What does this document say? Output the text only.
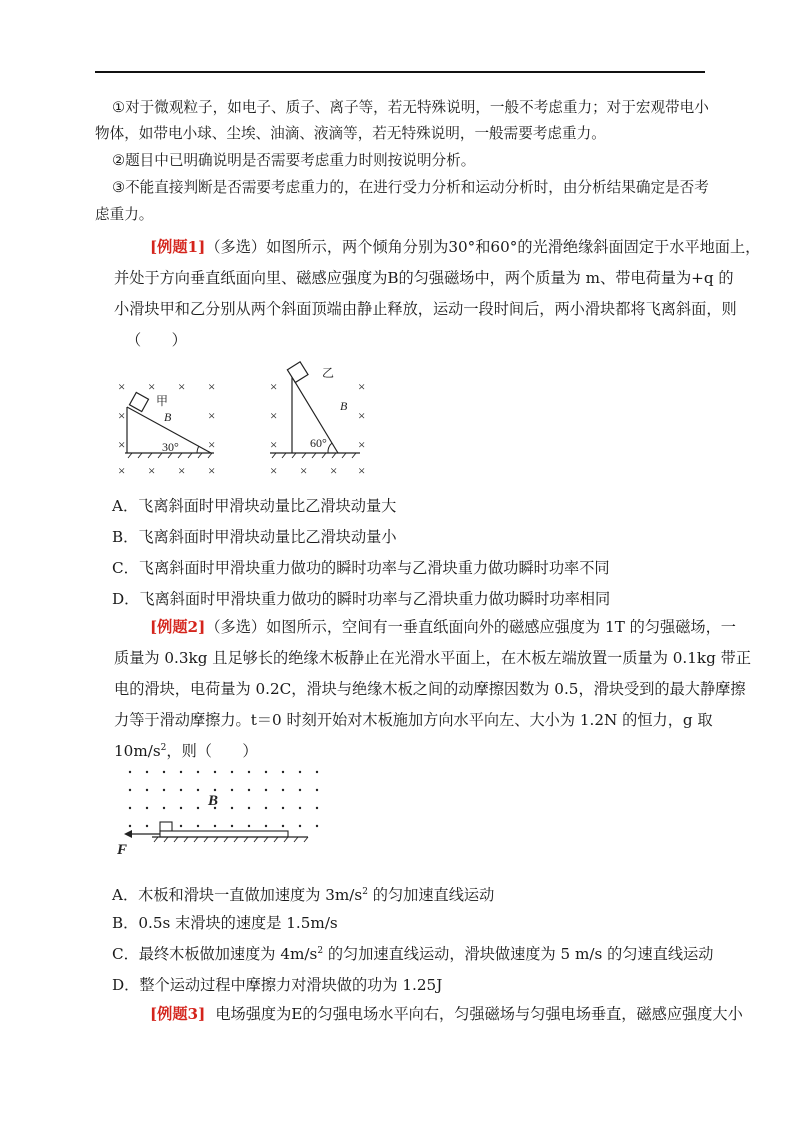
①对于微观粒子，如电子、质子、离子等，若无特殊说明，一般不考虑重力；对于宏观带电小
物体，如带电小球、尘埃、油滴、液滴等，若无特殊说明，一般需要考虑重力。
②题目中已明确说明是否需要考虑重力时则按说明分析。
③不能直接判断是否需要考虑重力的，在进行受力分析和运动分析时，由分析结果确定是否考
虑重力。
[例题1]（多选）如图所示，两个倾角分别为30°和60°的光滑绝缘斜面固定于水平地面上，
并处于方向垂直纸面向里、磁感应强度为B的匀强磁场中，两个质量为 m、带电荷量为+q 的
小滑块甲和乙分别从两个斜面顶端由静止释放，运动一段时间后，两小滑块都将飞离斜面，则
（　　）
× × × ×
×	×
×	×
× × × ×
甲
B
30°
×	×
×	×
×	×
× × × ×
乙
B
60°
A．飞离斜面时甲滑块动量比乙滑块动量大
B．飞离斜面时甲滑块动量比乙滑块动量小
C．飞离斜面时甲滑块重力做功的瞬时功率与乙滑块重力做功瞬时功率不同
D．飞离斜面时甲滑块重力做功的瞬时功率与乙滑块重力做功瞬时功率相同
[例题2]（多选）如图所示，空间有一垂直纸面向外的磁感应强度为 1T 的匀强磁场，一
质量为 0.3kg 且足够长的绝缘木板静止在光滑水平面上，在木板左端放置一质量为 0.1kg 带正
电的滑块，电荷量为 0.2C，滑块与绝缘木板之间的动摩擦因数为 0.5，滑块受到的最大静摩擦
力等于滑动摩擦力。t＝0 时刻开始对木板施加方向水平向左、大小为 1.2N 的恒力，g 取
$10m/s^2$，则（　　）
B
F
A．木板和滑块一直做加速度为 $3m/s^2$ 的匀加速直线运动
B．0.5s 末滑块的速度是 1.5m/s
C．最终木板做加速度为 $4m/s^2$ 的匀加速直线运动，滑块做速度为 5 m/s 的匀速直线运动
D．整个运动过程中摩擦力对滑块做的功为 1.25J
[例题3] 电场强度为E的匀强电场水平向右，匀强磁场与匀强电场垂直，磁感应强度大小
